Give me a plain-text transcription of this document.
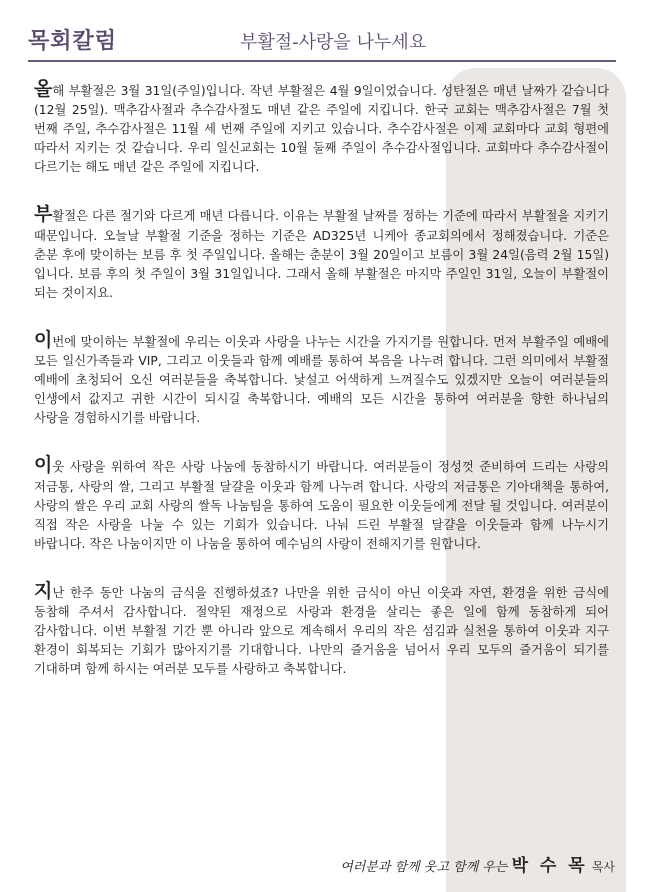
목회칼럼	부활절-사랑을 나누세요

올해 부활절은 3월 31일(주일)입니다. 작년 부활절은 4월 9일이었습니다. 성탄절은 매년 날짜가 같습니다(12월 25일). 맥추감사절과 추수감사절도 매년 같은 주일에 지킵니다. 한국 교회는 맥추감사절은 7월 첫 번째 주일, 추수감사절은 11월 세 번째 주일에 지키고 있습니다. 추수감사절은 이제 교회마다 교회 형편에 따라서 지키는 것 같습니다. 우리 일신교회는 10월 둘째 주일이 추수감사절입니다. 교회마다 추수감사절이 다르기는 해도 매년 같은 주일에 지킵니다.

부활절은 다른 절기와 다르게 매년 다릅니다. 이유는 부활절 날짜를 정하는 기준에 따라서 부활절을 지키기 때문입니다. 오늘날 부활절 기준을 정하는 기준은 AD325년 니케아 종교회의에서 정해졌습니다. 기준은 춘분 후에 맞이하는 보름 후 첫 주일입니다. 올해는 춘분이 3월 20일이고 보름이 3월 24일(음력 2월 15일)입니다. 보름 후의 첫 주일이 3월 31일입니다. 그래서 올해 부활절은 마지막 주일인 31일, 오늘이 부활절이 되는 것이지요.

이번에 맞이하는 부활절에 우리는 이웃과 사랑을 나누는 시간을 가지기를 원합니다. 먼저 부활주일 예배에 모든 일신가족들과 VIP, 그리고 이웃들과 함께 예배를 통하여 복음을 나누려 합니다. 그런 의미에서 부활절 예배에 초청되어 오신 여러분들을 축복합니다. 낯설고 어색하게 느껴질수도 있겠지만 오늘이 여러분들의 인생에서 값지고 귀한 시간이 되시길 축복합니다. 예배의 모든 시간을 통하여 여러분을 향한 하나님의 사랑을 경험하시기를 바랍니다.

이웃 사랑을 위하여 작은 사랑 나눔에 동참하시기 바랍니다. 여러분들이 정성껏 준비하여 드리는 사랑의 저금통, 사랑의 쌀, 그리고 부활절 달걀을 이웃과 함께 나누려 합니다. 사랑의 저금통은 기아대책을 통하여, 사랑의 쌀은 우리 교회 사랑의 쌀독 나눔팀을 통하여 도움이 필요한 이웃들에게 전달 될 것입니다. 여러분이 직접 작은 사랑을 나눌 수 있는 기회가 있습니다. 나눠 드린 부활절 달걀을 이웃들과 함께 나누시기 바랍니다. 작은 나눔이지만 이 나눔을 통하여 예수님의 사랑이 전해지기를 원합니다.

지난 한주 동안 나눔의 금식을 진행하셨죠? 나만을 위한 금식이 아닌 이웃과 자연, 환경을 위한 금식에 동참해 주셔서 감사합니다. 절약된 재정으로 사랑과 환경을 살리는 좋은 일에 함께 동참하게 되어 감사합니다. 이번 부활절 기간 뿐 아니라 앞으로 계속해서 우리의 작은 섬김과 실천을 통하여 이웃과 지구 환경이 회복되는 기회가 많아지기를 기대합니다. 나만의 즐거움을 넘어서 우리 모두의 즐거움이 되기를 기대하며 함께 하시는 여러분 모두를 사랑하고 축복합니다.

여러분과 함께 웃고 함께 우는 박 수 목 목사
